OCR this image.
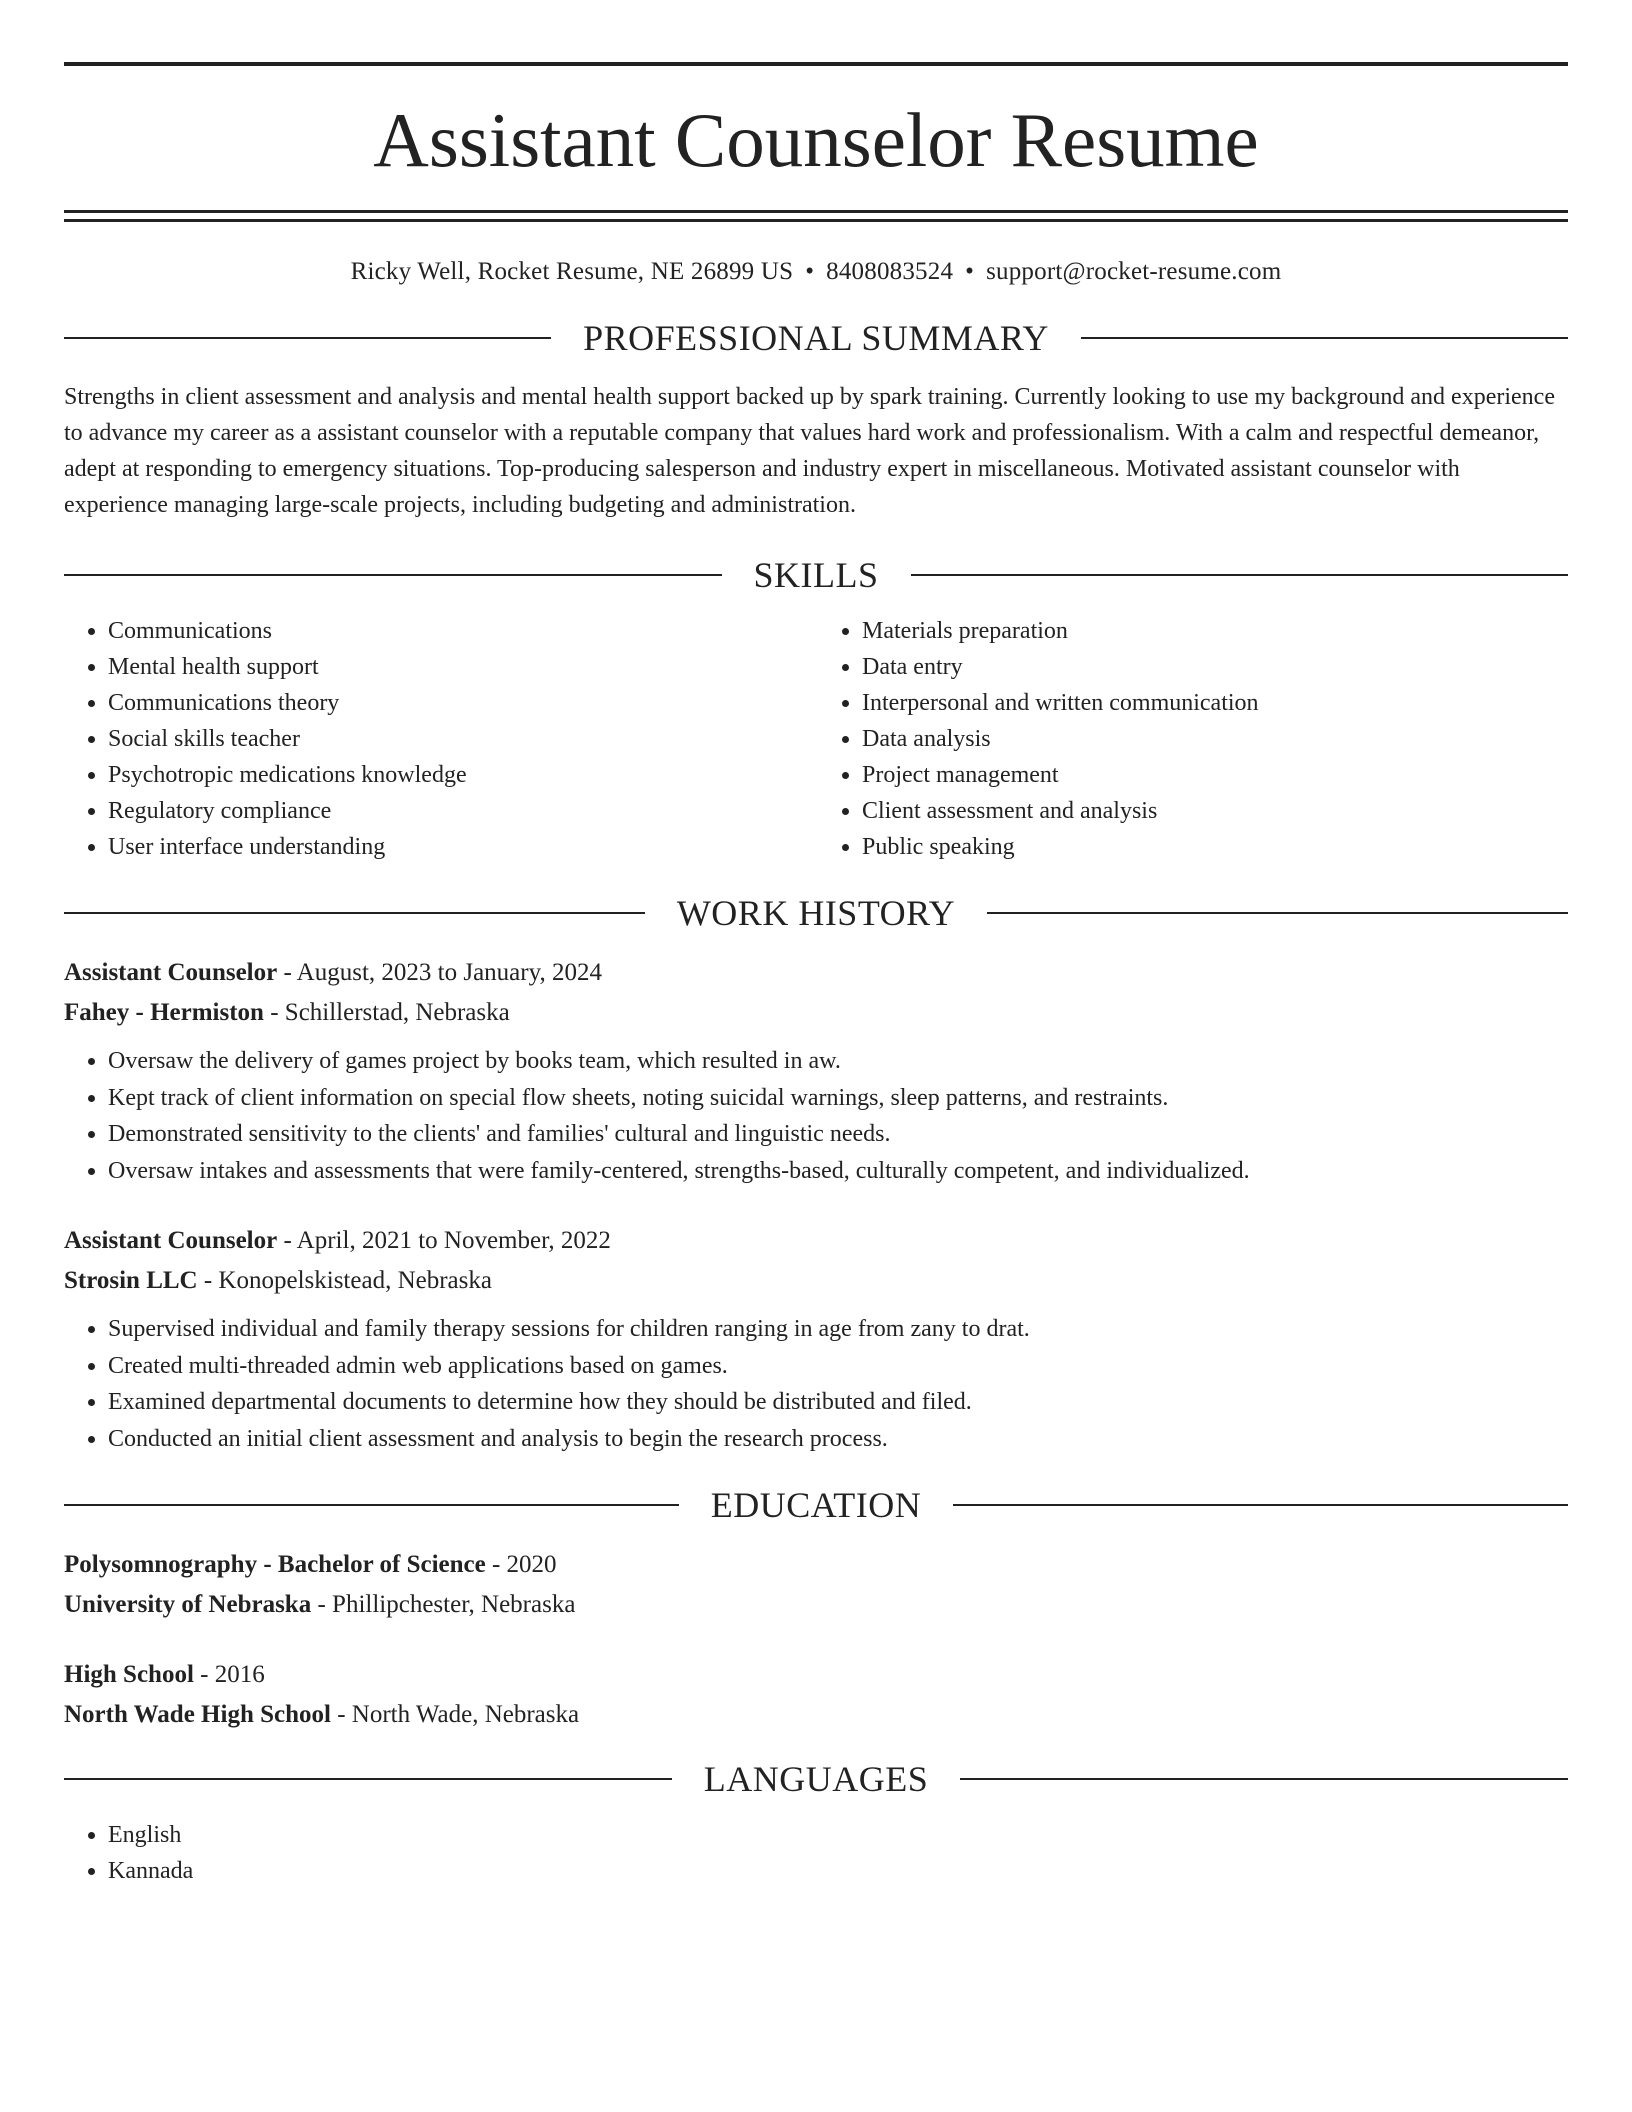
Assistant Counselor Resume
Ricky Well, Rocket Resume, NE 26899 US • 8408083524 • support@rocket-resume.com
PROFESSIONAL SUMMARY
Strengths in client assessment and analysis and mental health support backed up by spark training. Currently looking to use my background and experience to advance my career as a assistant counselor with a reputable company that values hard work and professionalism. With a calm and respectful demeanor, adept at responding to emergency situations. Top-producing salesperson and industry expert in miscellaneous. Motivated assistant counselor with experience managing large-scale projects, including budgeting and administration.
SKILLS
• Communications
• Mental health support
• Communications theory
• Social skills teacher
• Psychotropic medications knowledge
• Regulatory compliance
• User interface understanding
• Materials preparation
• Data entry
• Interpersonal and written communication
• Data analysis
• Project management
• Client assessment and analysis
• Public speaking
WORK HISTORY
Assistant Counselor - August, 2023 to January, 2024
Fahey - Hermiston - Schillerstad, Nebraska
• Oversaw the delivery of games project by books team, which resulted in aw.
• Kept track of client information on special flow sheets, noting suicidal warnings, sleep patterns, and restraints.
• Demonstrated sensitivity to the clients' and families' cultural and linguistic needs.
• Oversaw intakes and assessments that were family-centered, strengths-based, culturally competent, and individualized.
Assistant Counselor - April, 2021 to November, 2022
Strosin LLC - Konopelskistead, Nebraska
• Supervised individual and family therapy sessions for children ranging in age from zany to drat.
• Created multi-threaded admin web applications based on games.
• Examined departmental documents to determine how they should be distributed and filed.
• Conducted an initial client assessment and analysis to begin the research process.
EDUCATION
Polysomnography - Bachelor of Science - 2020
University of Nebraska - Phillipchester, Nebraska
High School - 2016
North Wade High School - North Wade, Nebraska
LANGUAGES
• English
• Kannada
